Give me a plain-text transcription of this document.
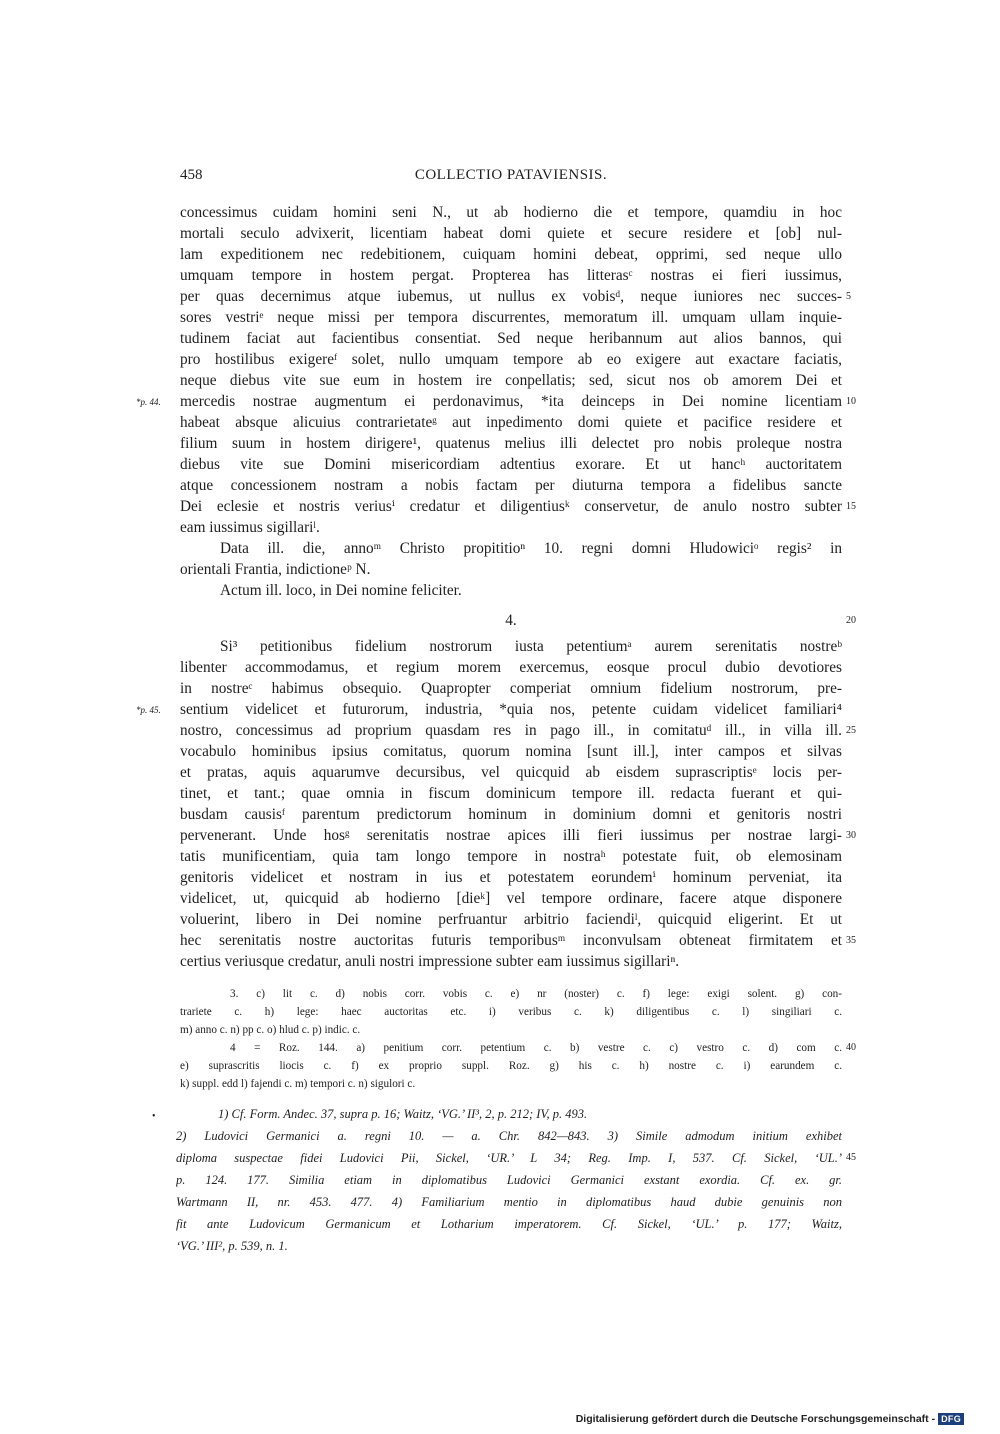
458	COLLECTIO PATAVIENSIS.
concessimus cuidam homini seni N., ut ab hodierno die et tempore, quamdiu in hoc
mortali seculo advixerit, licentiam habeat domi quiete et secure residere et [ob] nul-
lam expeditionem nec redebitionem, cuiquam homini debeat, opprimi, sed neque ullo
umquam tempore in hostem pergat. Propterea has litterasᶜ nostras ei fieri iussimus,
per quas decernimus atque iubemus, ut nullus ex vobisᵈ, neque iuniores nec succes-
sores vestriᵉ neque missi per tempora discurrentes, memoratum ill. umquam ullam inquie-
tudinem faciat aut facientibus consentiat. Sed neque heribannum aut alios bannos, qui
pro hostilibus exigereᶠ solet, nullo umquam tempore ab eo exigere aut exactare faciatis,
neque diebus vite sue eum in hostem ire conpellatis; sed, sicut nos ob amorem Dei et
mercedis nostrae augmentum ei perdonavimus, *ita deinceps in Dei nomine licentiam
habeat absque alicuius contrarietateᵍ aut inpedimento domi quiete et pacifice residere et
filium suum in hostem dirigere¹, quatenus melius illi delectet pro nobis proleque nostra
diebus vite sue Domini misericordiam adtentius exorare. Et ut hancʰ auctoritatem
atque concessionem nostram a nobis factam per diuturna tempora a fidelibus sancte
Dei eclesie et nostris veriusⁱ credatur et diligentiusᵏ conservetur, de anulo nostro subter
eam iussimus sigillariˡ.
Data ill. die, annoᵐ Christo propititioⁿ 10. regni domni Hludowiciᵒ regis² in
orientali Frantia, indictioneᵖ N.
Actum ill. loco, in Dei nomine feliciter.
4.
Si³ petitionibus fidelium nostrorum iusta petentiumᵃ aurem serenitatis nostreᵇ
libenter accommodamus, et regium morem exercemus, eosque procul dubio devotiores
in nostreᶜ habimus obsequio. Quapropter comperiat omnium fidelium nostrorum, pre-
sentium videlicet et futurorum, industria, *quia nos, petente cuidam videlicet familiari⁴
nostro, concessimus ad proprium quasdam res in pago ill., in comitatuᵈ ill., in villa ill.
vocabulo hominibus ipsius comitatus, quorum nomina [sunt ill.], inter campos et silvas
et pratas, aquis aquarumve decursibus, vel quicquid ab eisdem suprascriptisᵉ locis per-
tinet, et tant.; quae omnia in fiscum dominicum tempore ill. redacta fuerant et qui-
busdam causisᶠ parentum predictorum hominum in dominium domni et genitoris nostri
pervenerant. Unde hosᵍ serenitatis nostrae apices illi fieri iussimus per nostrae largi-
tatis munificentiam, quia tam longo tempore in nostraʰ potestate fuit, ob elemosinam
genitoris videlicet et nostram in ius et potestatem eorundemⁱ hominum perveniat, ita
videlicet, ut, quicquid ab hodierno [dieᵏ] vel tempore ordinare, facere atque disponere
voluerint, libero in Dei nomine perfruantur arbitrio faciendiˡ, quicquid eligerint. Et ut
hec serenitatis nostre auctoritas futuris temporibusᵐ inconvulsam obteneat firmitatem et
certius veriusque credatur, anuli nostri impressione subter eam iussimus sigillariⁿ.
*p. 44.
*p. 45.
5
10
15
20
25
30
35
3. c) lit c. d) nobis corr. vobis c. e) nr (noster) c. f) lege: exigi solent. g) con-
trariete c. h) lege: haec auctoritas etc. i) veribus c. k) diligentibus c. l) singiliari c.
m) anno c. n) pp c. o) hlud c. p) indic. c.
4 = Roz. 144. a) penitium corr. petentium c. b) vestre c. c) vestro c. d) com c.
e) suprascritis liocis c. f) ex proprio suppl. Roz. g) his c. h) nostre c. i) earundem c.
k) suppl. edd l) fajendi c. m) tempori c. n) sigulori c.
40
•	1) Cf. Form. Andec. 37, supra p. 16; Waitz, ‘VG.’ II³, 2, p. 212; IV, p. 493.
2) Ludovici Germanici a. regni 10. — a. Chr. 842—843. 3) Simile admodum initium exhibet
diploma suspectae fidei Ludovici Pii, Sickel, ‘UR.’ L 34; Reg. Imp. I, 537. Cf. Sickel, ‘UL.’
p. 124. 177. Similia etiam in diplomatibus Ludovici Germanici exstant exordia. Cf. ex. gr.
Wartmann II, nr. 453. 477. 4) Familiarium mentio in diplomatibus haud dubie genuinis non
fit ante Ludovicum Germanicum et Lotharium imperatorem. Cf. Sickel, ‘UL.’ p. 177; Waitz,
‘VG.’ III², p. 539, n. 1.
45
Digitalisierung gefördert durch die Deutsche Forschungsgemeinschaft - DFG
